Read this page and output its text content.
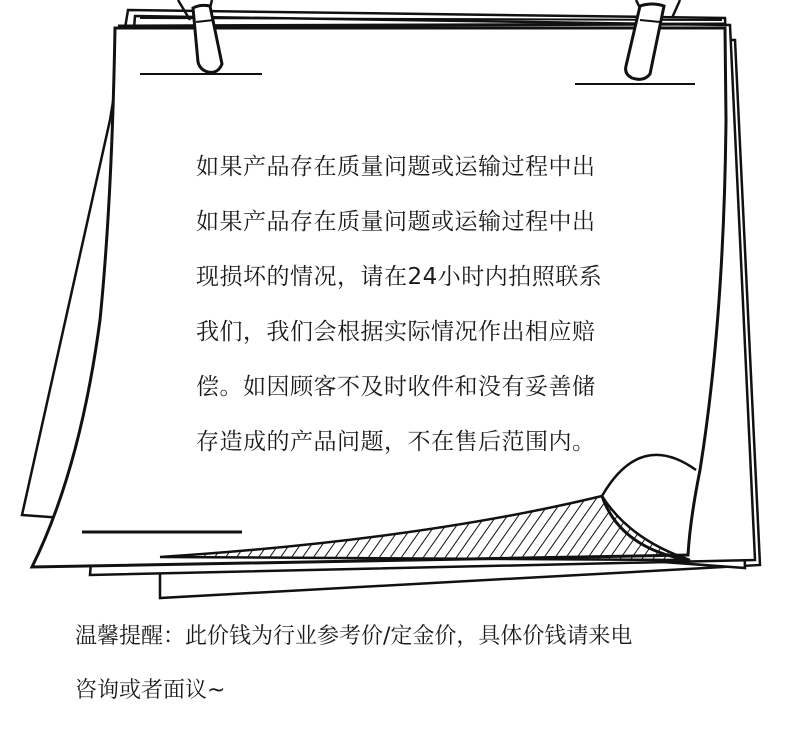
如果产品存在质量问题或运输过程中出
如果产品存在质量问题或运输过程中出
现损坏的情况，请在24小时内拍照联系
我们，我们会根据实际情况作出相应赔
偿。如因顾客不及时收件和没有妥善储
存造成的产品问题，不在售后范围内。
温馨提醒：此价钱为行业参考价/定金价，具体价钱请来电
咨询或者面议~
